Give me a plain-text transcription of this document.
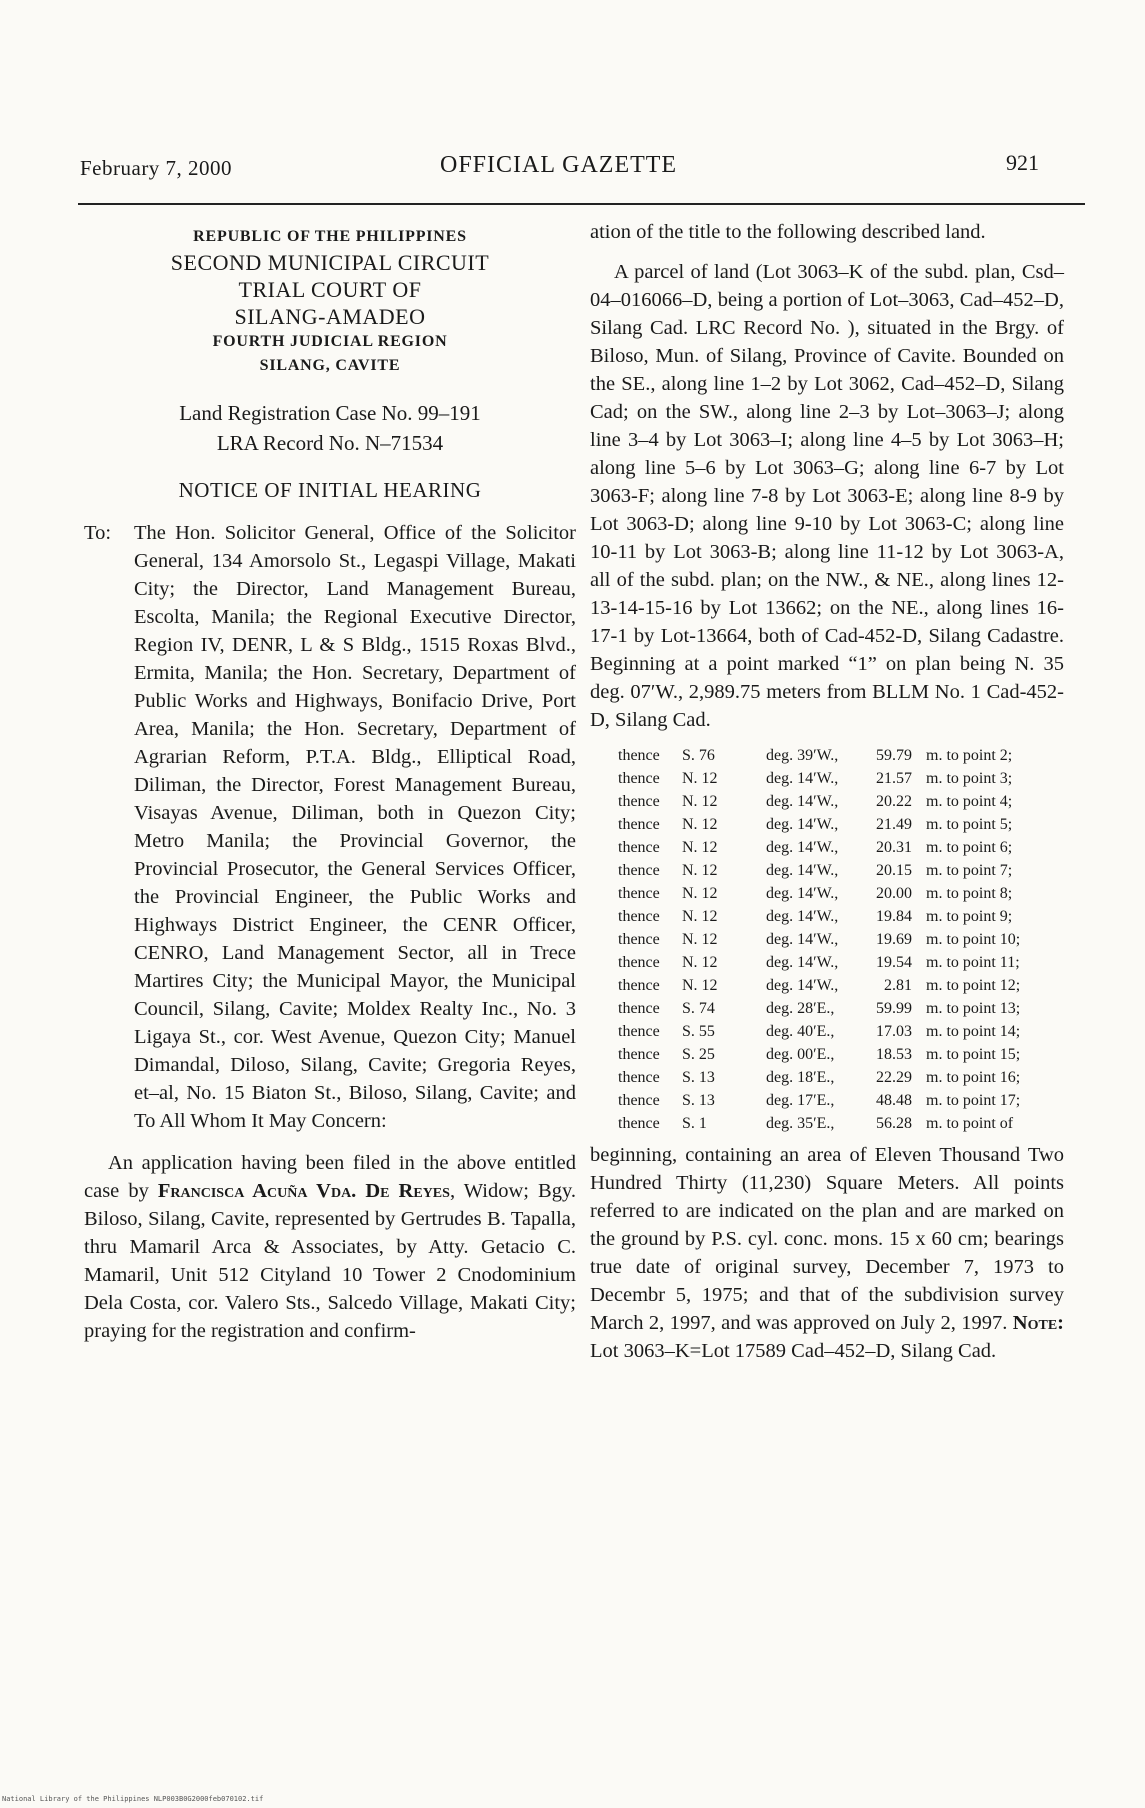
February 7, 2000	OFFICIAL GAZETTE	921
REPUBLIC OF THE PHILIPPINES
SECOND MUNICIPAL CIRCUIT
TRIAL COURT OF
SILANG-AMADEO
FOURTH JUDICIAL REGION
SILANG, CAVITE
Land Registration Case No. 99–191
LRA Record No. N–71534
NOTICE OF INITIAL HEARING
To: The Hon. Solicitor General, Office of the Solicitor General, 134 Amorsolo St., Legaspi Village, Makati City; the Director, Land Management Bureau, Escolta, Manila; the Regional Executive Director, Region IV, DENR, L & S Bldg., 1515 Roxas Blvd., Ermita, Manila; the Hon. Secretary, Department of Public Works and Highways, Bonifacio Drive, Port Area, Manila; the Hon. Secretary, Department of Agrarian Reform, P.T.A. Bldg., Elliptical Road, Diliman, the Director, Forest Management Bureau, Visayas Avenue, Diliman, both in Quezon City; Metro Manila; the Provincial Governor, the Provincial Prosecutor, the General Services Officer, the Provincial Engineer, the Public Works and Highways District Engineer, the CENR Officer, CENRO, Land Management Sector, all in Trece Martires City; the Municipal Mayor, the Municipal Council, Silang, Cavite; Moldex Realty Inc., No. 3 Ligaya St., cor. West Avenue, Quezon City; Manuel Dimandal, Diloso, Silang, Cavite; Gregoria Reyes, et–al, No. 15 Biaton St., Biloso, Silang, Cavite; and To All Whom It May Concern:
An application having been filed in the above entitled case by Francisca Acuña Vda. De Reyes, Widow; Bgy. Biloso, Silang, Cavite, represented by Gertrudes B. Tapalla, thru Mamaril Arca & Associates, by Atty. Getacio C. Mamaril, Unit 512 Cityland 10 Tower 2 Cnodominium Dela Costa, cor. Valero Sts., Salcedo Village, Makati City; praying for the registration and confirm-
ation of the title to the following described land.
A parcel of land (Lot 3063–K of the subd. plan, Csd–04–016066–D, being a portion of Lot–3063, Cad–452–D, Silang Cad. LRC Record No. ), situated in the Brgy. of Biloso, Mun. of Silang, Province of Cavite. Bounded on the SE., along line 1–2 by Lot 3062, Cad–452–D, Silang Cad; on the SW., along line 2–3 by Lot–3063–J; along line 3–4 by Lot 3063–I; along line 4–5 by Lot 3063–H; along line 5–6 by Lot 3063–G; along line 6-7 by Lot 3063-F; along line 7-8 by Lot 3063-E; along line 8-9 by Lot 3063-D; along line 9-10 by Lot 3063-C; along line 10-11 by Lot 3063-B; along line 11-12 by Lot 3063-A, all of the subd. plan; on the NW., & NE., along lines 12-13-14-15-16 by Lot 13662; on the NE., along lines 16-17-1 by Lot-13664, both of Cad-452-D, Silang Cadastre. Beginning at a point marked “1” on plan being N. 35 deg. 07′W., 2,989.75 meters from BLLM No. 1 Cad-452-D, Silang Cad.
thence	S. 76	deg. 39′W.,	59.79	m. to point 2;
thence	N. 12	deg. 14′W.,	21.57	m. to point 3;
thence	N. 12	deg. 14′W.,	20.22	m. to point 4;
thence	N. 12	deg. 14′W.,	21.49	m. to point 5;
thence	N. 12	deg. 14′W.,	20.31	m. to point 6;
thence	N. 12	deg. 14′W.,	20.15	m. to point 7;
thence	N. 12	deg. 14′W.,	20.00	m. to point 8;
thence	N. 12	deg. 14′W.,	19.84	m. to point 9;
thence	N. 12	deg. 14′W.,	19.69	m. to point 10;
thence	N. 12	deg. 14′W.,	19.54	m. to point 11;
thence	N. 12	deg. 14′W.,	2.81	m. to point 12;
thence	S. 74	deg. 28′E.,	59.99	m. to point 13;
thence	S. 55	deg. 40′E.,	17.03	m. to point 14;
thence	S. 25	deg. 00′E.,	18.53	m. to point 15;
thence	S. 13	deg. 18′E.,	22.29	m. to point 16;
thence	S. 13	deg. 17′E.,	48.48	m. to point 17;
thence	S. 1	deg. 35′E.,	56.28	m. to point of
beginning, containing an area of Eleven Thousand Two Hundred Thirty (11,230) Square Meters. All points referred to are indicated on the plan and are marked on the ground by P.S. cyl. conc. mons. 15 x 60 cm; bearings true date of original survey, December 7, 1973 to Decembr 5, 1975; and that of the subdivision survey March 2, 1997, and was approved on July 2, 1997. Note: Lot 3063–K=Lot 17589 Cad–452–D, Silang Cad.
National Library of the Philippines NLP003B0G2000feb070102.tif
